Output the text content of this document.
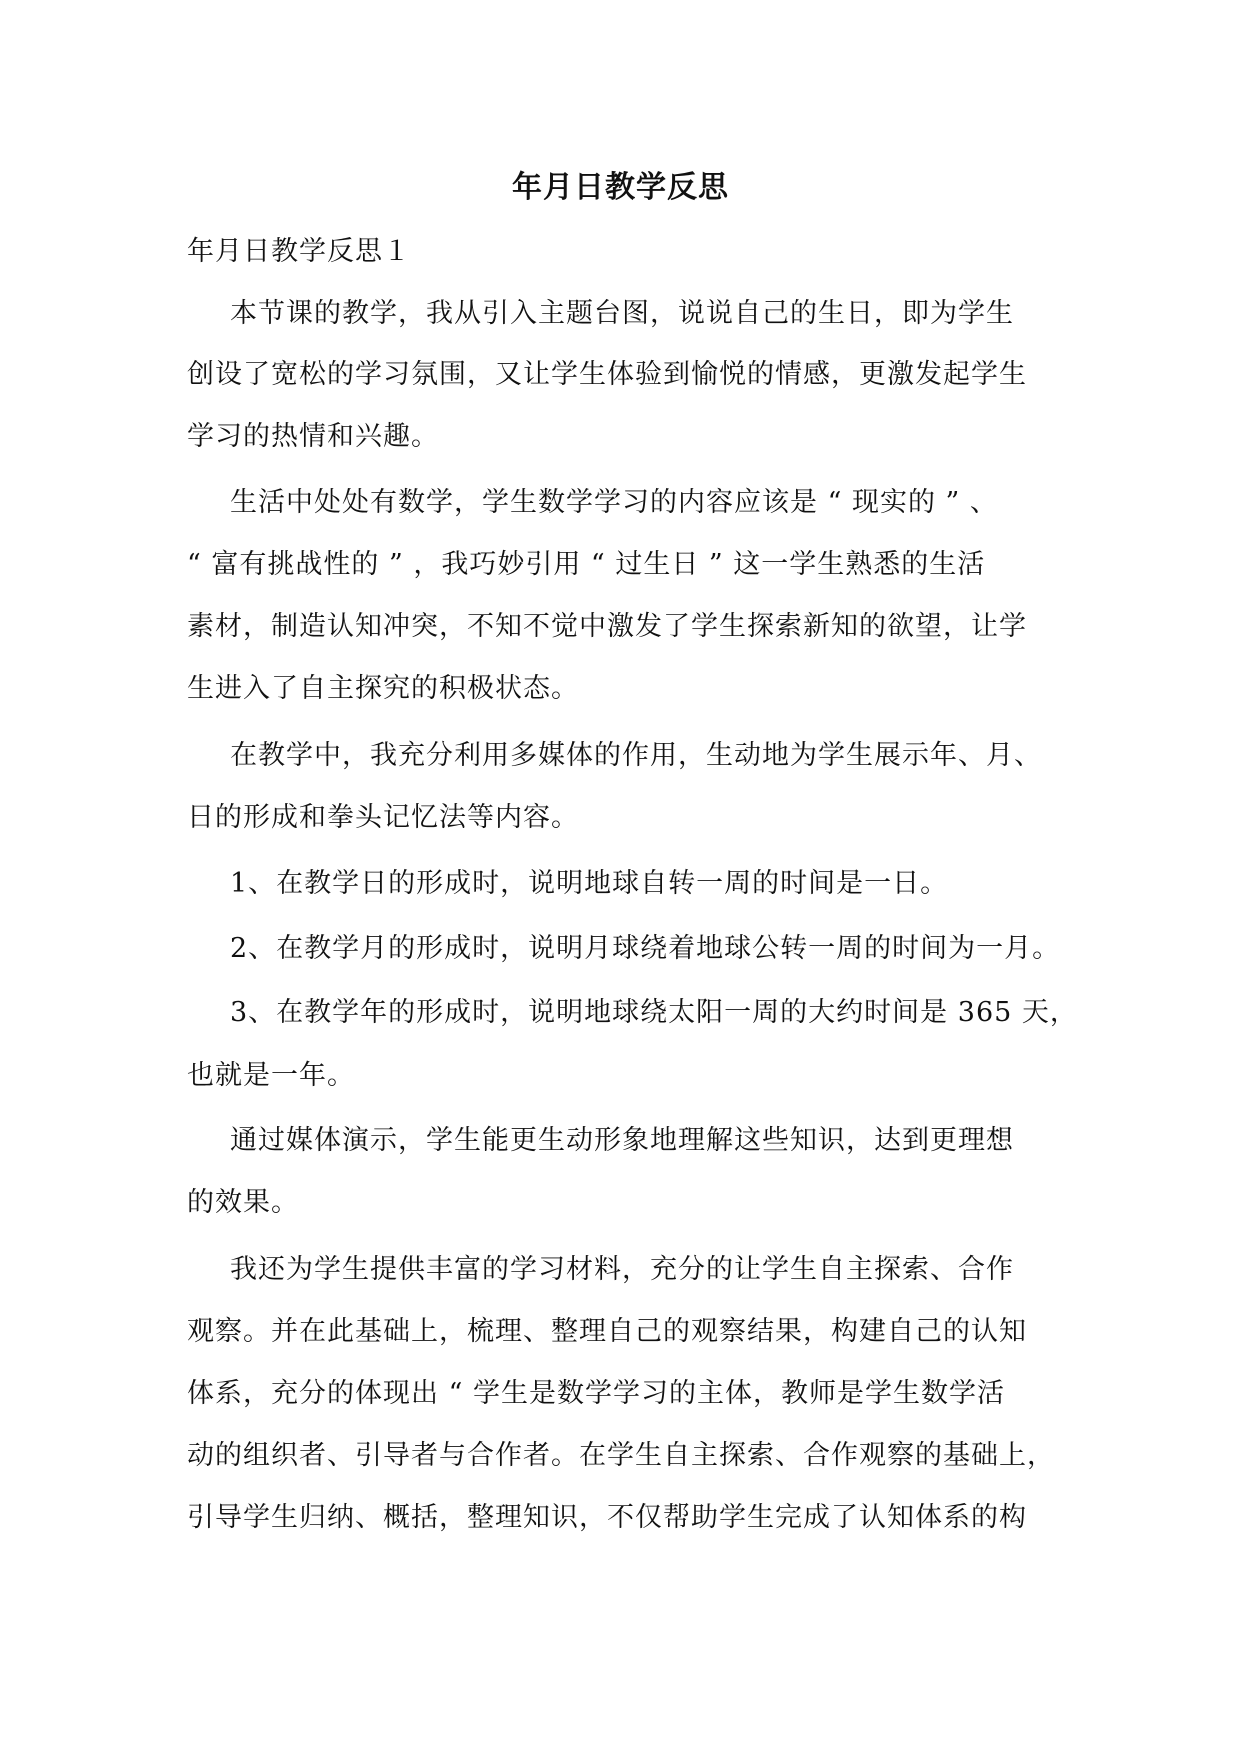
年月日教学反思
年月日教学反思１
本节课的教学，我从引入主题台图，说说自己的生日，即为学生
创设了宽松的学习氛围，又让学生体验到愉悦的情感，更激发起学生
学习的热情和兴趣。
生活中处处有数学，学生数学学习的内容应该是 “ 现实的 ” 、
“ 富有挑战性的 ” ，我巧妙引用 “ 过生日 ” 这一学生熟悉的生活
素材，制造认知冲突，不知不觉中激发了学生探索新知的欲望，让学
生进入了自主探究的积极状态。
在教学中，我充分利用多媒体的作用，生动地为学生展示年、月、
日的形成和拳头记忆法等内容。
1、在教学日的形成时，说明地球自转一周的时间是一日。
2、在教学月的形成时，说明月球绕着地球公转一周的时间为一月。
3、在教学年的形成时，说明地球绕太阳一周的大约时间是 365 天，
也就是一年。
通过媒体演示，学生能更生动形象地理解这些知识，达到更理想
的效果。
我还为学生提供丰富的学习材料，充分的让学生自主探索、合作
观察。并在此基础上，梳理、整理自己的观察结果，构建自己的认知
体系，充分的体现出 “ 学生是数学学习的主体，教师是学生数学活
动的组织者、引导者与合作者。在学生自主探索、合作观察的基础上，
引导学生归纳、概括，整理知识，不仅帮助学生完成了认知体系的构
